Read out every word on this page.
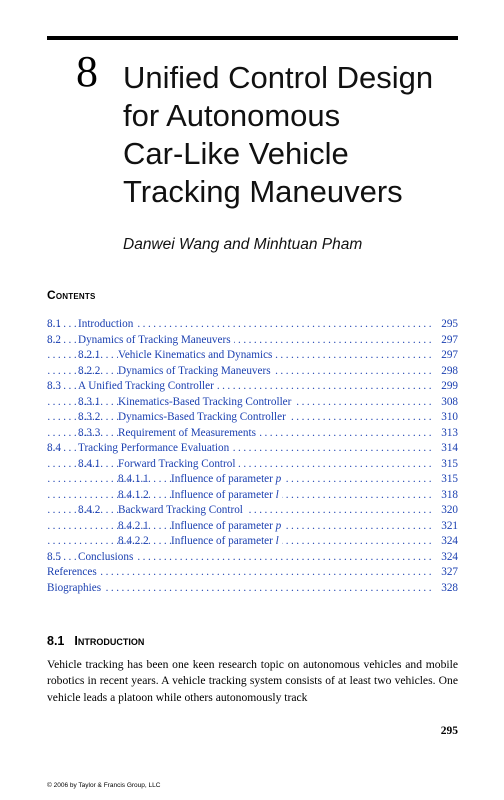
8 Unified Control Design
for Autonomous
Car-Like Vehicle
Tracking Maneuvers
Danwei Wang and Minhtuan Pham
Contents
.....
8.1 Introduction	295
.....
8.2 Dynamics of Tracking Maneuvers	297
.....
8.2.1 Vehicle Kinematics and Dynamics	297
.....
8.2.2 Dynamics of Tracking Maneuvers	298
.....
8.3 A Unified Tracking Controller	299
.....
8.3.1 Kinematics-Based Tracking Controller	308
.....
8.3.2 Dynamics-Based Tracking Controller	310
.....
8.3.3 Requirement of Measurements	313
.....
8.4 Tracking Performance Evaluation	314
.....
8.4.1 Forward Tracking Control	315
.....
8.4.1.1 Influence of parameter p	315
.....
8.4.1.2 Influence of parameter l	318
.....
8.4.2 Backward Tracking Control	320
.....
8.4.2.1 Influence of parameter p	321
.....
8.4.2.2 Influence of parameter l	324
.....
8.5 Conclusions	324
.....
References	327
.....
Biographies	328
8.1 Introduction

Vehicle tracking has been one keen research topic on autonomous vehicles and mobile robotics in recent years. A vehicle tracking system consists of at least two vehicles. One vehicle leads a platoon while others autonomously track

295
© 2006 by Taylor & Francis Group, LLC
